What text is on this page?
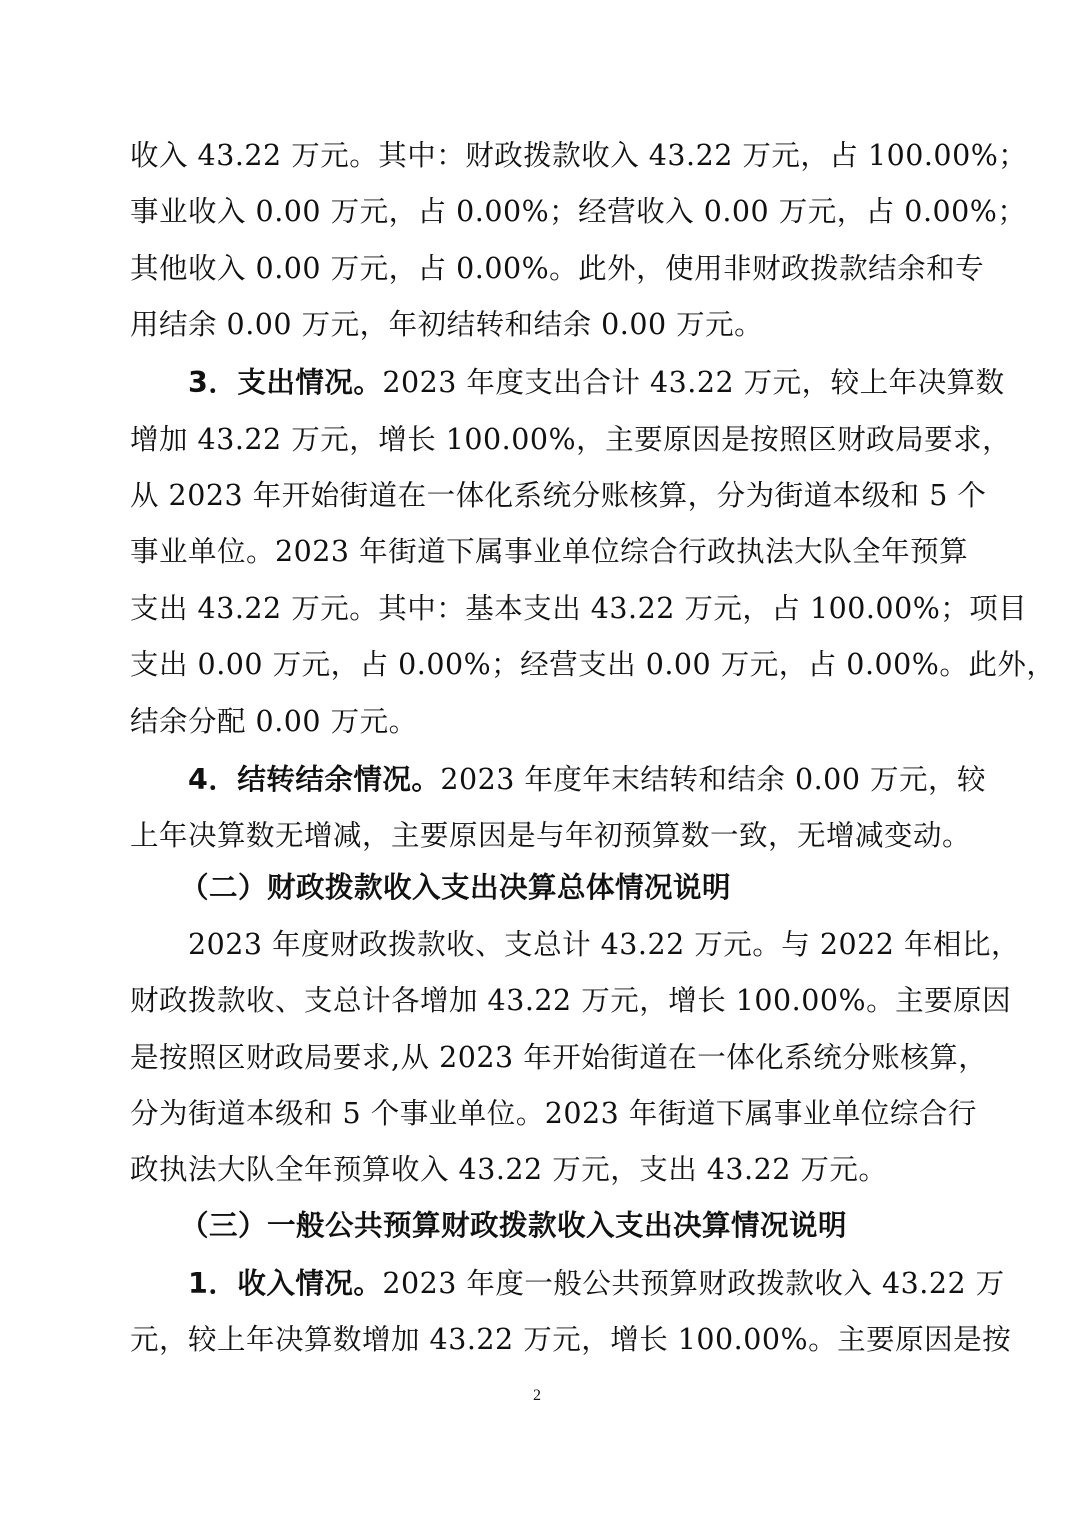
收入 43.22 万元。其中：财政拨款收入 43.22 万元，占 100.00%；
事业收入 0.00 万元，占 0.00%；经营收入 0.00 万元，占 0.00%；
其他收入 0.00 万元，占 0.00%。此外，使用非财政拨款结余和专
用结余 0.00 万元，年初结转和结余 0.00 万元。
3．支出情况。2023 年度支出合计 43.22 万元，较上年决算数
增加 43.22 万元，增长 100.00%，主要原因是按照区财政局要求，
从 2023 年开始街道在一体化系统分账核算，分为街道本级和 5 个
事业单位。2023 年街道下属事业单位综合行政执法大队全年预算
支出 43.22 万元。其中：基本支出 43.22 万元，占 100.00%；项目
支出 0.00 万元，占 0.00%；经营支出 0.00 万元，占 0.00%。此外，
结余分配 0.00 万元。
4．结转结余情况。2023 年度年末结转和结余 0.00 万元，较
上年决算数无增减，主要原因是与年初预算数一致，无增减变动。
（二）财政拨款收入支出决算总体情况说明
2023 年度财政拨款收、支总计 43.22 万元。与 2022 年相比，
财政拨款收、支总计各增加 43.22 万元，增长 100.00%。主要原因
是按照区财政局要求,从 2023 年开始街道在一体化系统分账核算，
分为街道本级和 5 个事业单位。2023 年街道下属事业单位综合行
政执法大队全年预算收入 43.22 万元，支出 43.22 万元。
（三）一般公共预算财政拨款收入支出决算情况说明
1．收入情况。2023 年度一般公共预算财政拨款收入 43.22 万
元，较上年决算数增加 43.22 万元，增长 100.00%。主要原因是按
2
